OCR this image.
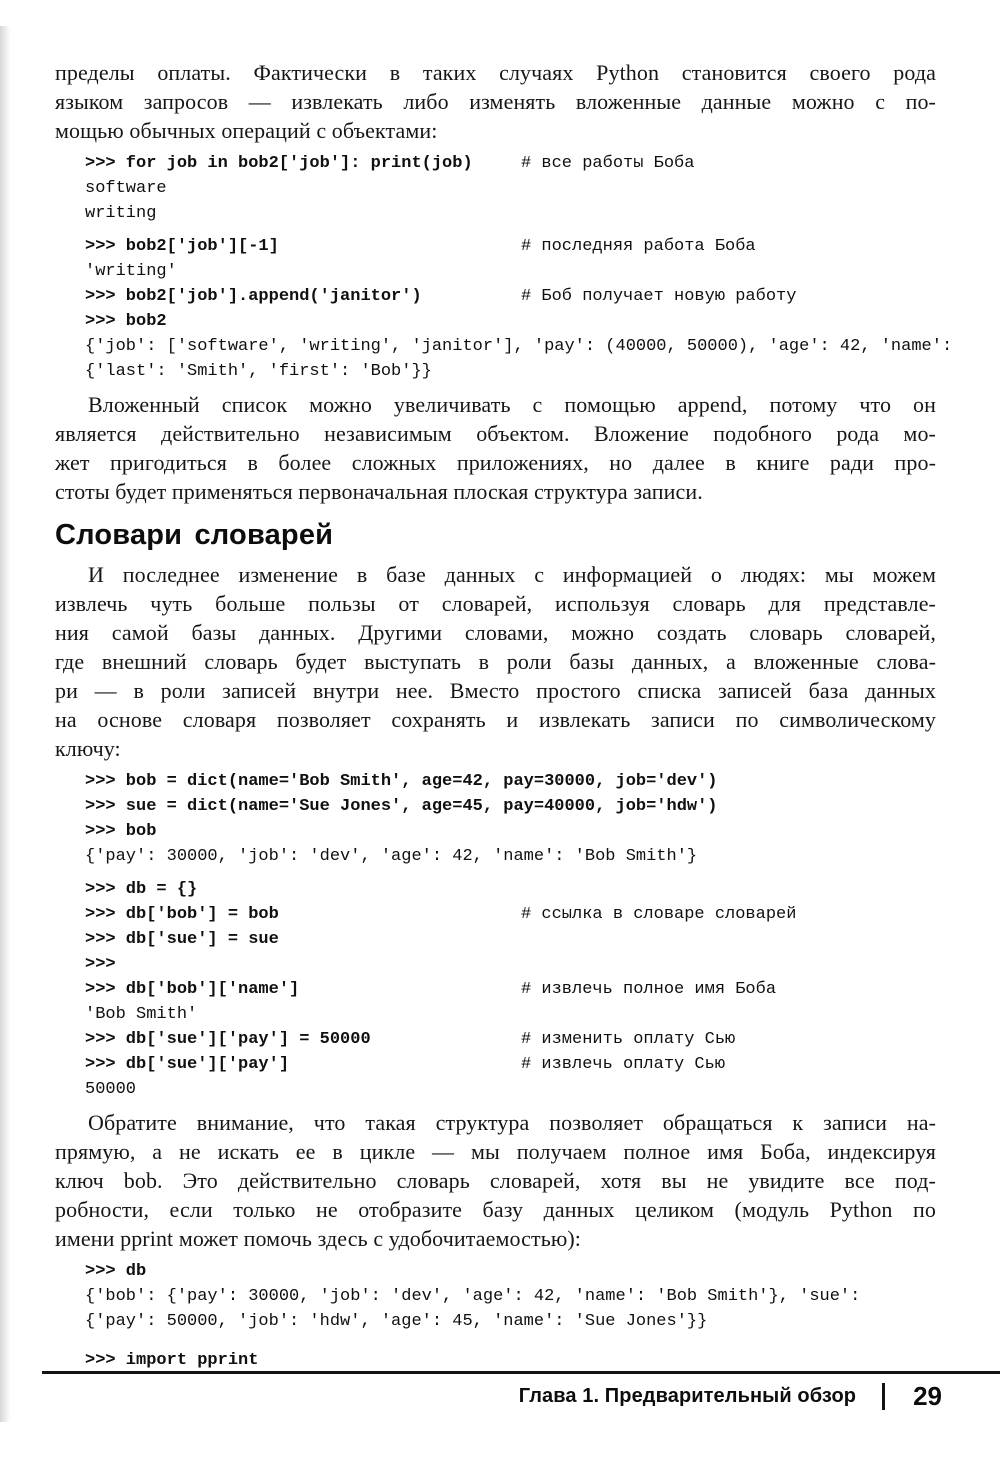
пределы оплаты. Фактически в таких случаях Python становится своего рода
языком запросов — извлекать либо изменять вложенные данные можно с по-
мощью обычных операций с объектами:
>>> for job in bob2['job']: print(job)	# все работы Боба
software
writing
>>> bob2['job'][-1]	# последняя работа Боба
'writing'
>>> bob2['job'].append('janitor')	# Боб получает новую работу
>>> bob2
{'job': ['software', 'writing', 'janitor'], 'pay': (40000, 50000), 'age': 42, 'name':
{'last': 'Smith', 'first': 'Bob'}}
Вложенный список можно увеличивать с помощью append, потому что он
является действительно независимым объектом. Вложение подобного рода мо-
жет пригодиться в более сложных приложениях, но далее в книге ради про-
стоты будет применяться первоначальная плоская структура записи.
Словари словарей
И последнее изменение в базе данных с информацией о людях: мы можем
извлечь чуть больше пользы от словарей, используя словарь для представле-
ния самой базы данных. Другими словами, можно создать словарь словарей,
где внешний словарь будет выступать в роли базы данных, а вложенные слова-
ри — в роли записей внутри нее. Вместо простого списка записей база данных
на основе словаря позволяет сохранять и извлекать записи по символическому
ключу:
>>> bob = dict(name='Bob Smith', age=42, pay=30000, job='dev')
>>> sue = dict(name='Sue Jones', age=45, pay=40000, job='hdw')
>>> bob
{'pay': 30000, 'job': 'dev', 'age': 42, 'name': 'Bob Smith'}
>>> db = {}
>>> db['bob'] = bob	# ссылка в словаре словарей
>>> db['sue'] = sue
>>>
>>> db['bob']['name']	# извлечь полное имя Боба
'Bob Smith'
>>> db['sue']['pay'] = 50000	# изменить оплату Сью
>>> db['sue']['pay']	# извлечь оплату Сью
50000
Обратите внимание, что такая структура позволяет обращаться к записи на-
прямую, а не искать ее в цикле — мы получаем полное имя Боба, индексируя
ключ bob. Это действительно словарь словарей, хотя вы не увидите все под-
робности, если только не отобразите базу данных целиком (модуль Python по
имени pprint может помочь здесь с удобочитаемостью):
>>> db
{'bob': {'pay': 30000, 'job': 'dev', 'age': 42, 'name': 'Bob Smith'}, 'sue':
{'pay': 50000, 'job': 'hdw', 'age': 45, 'name': 'Sue Jones'}}
>>> import pprint
Глава 1. Предварительный обзор 29
